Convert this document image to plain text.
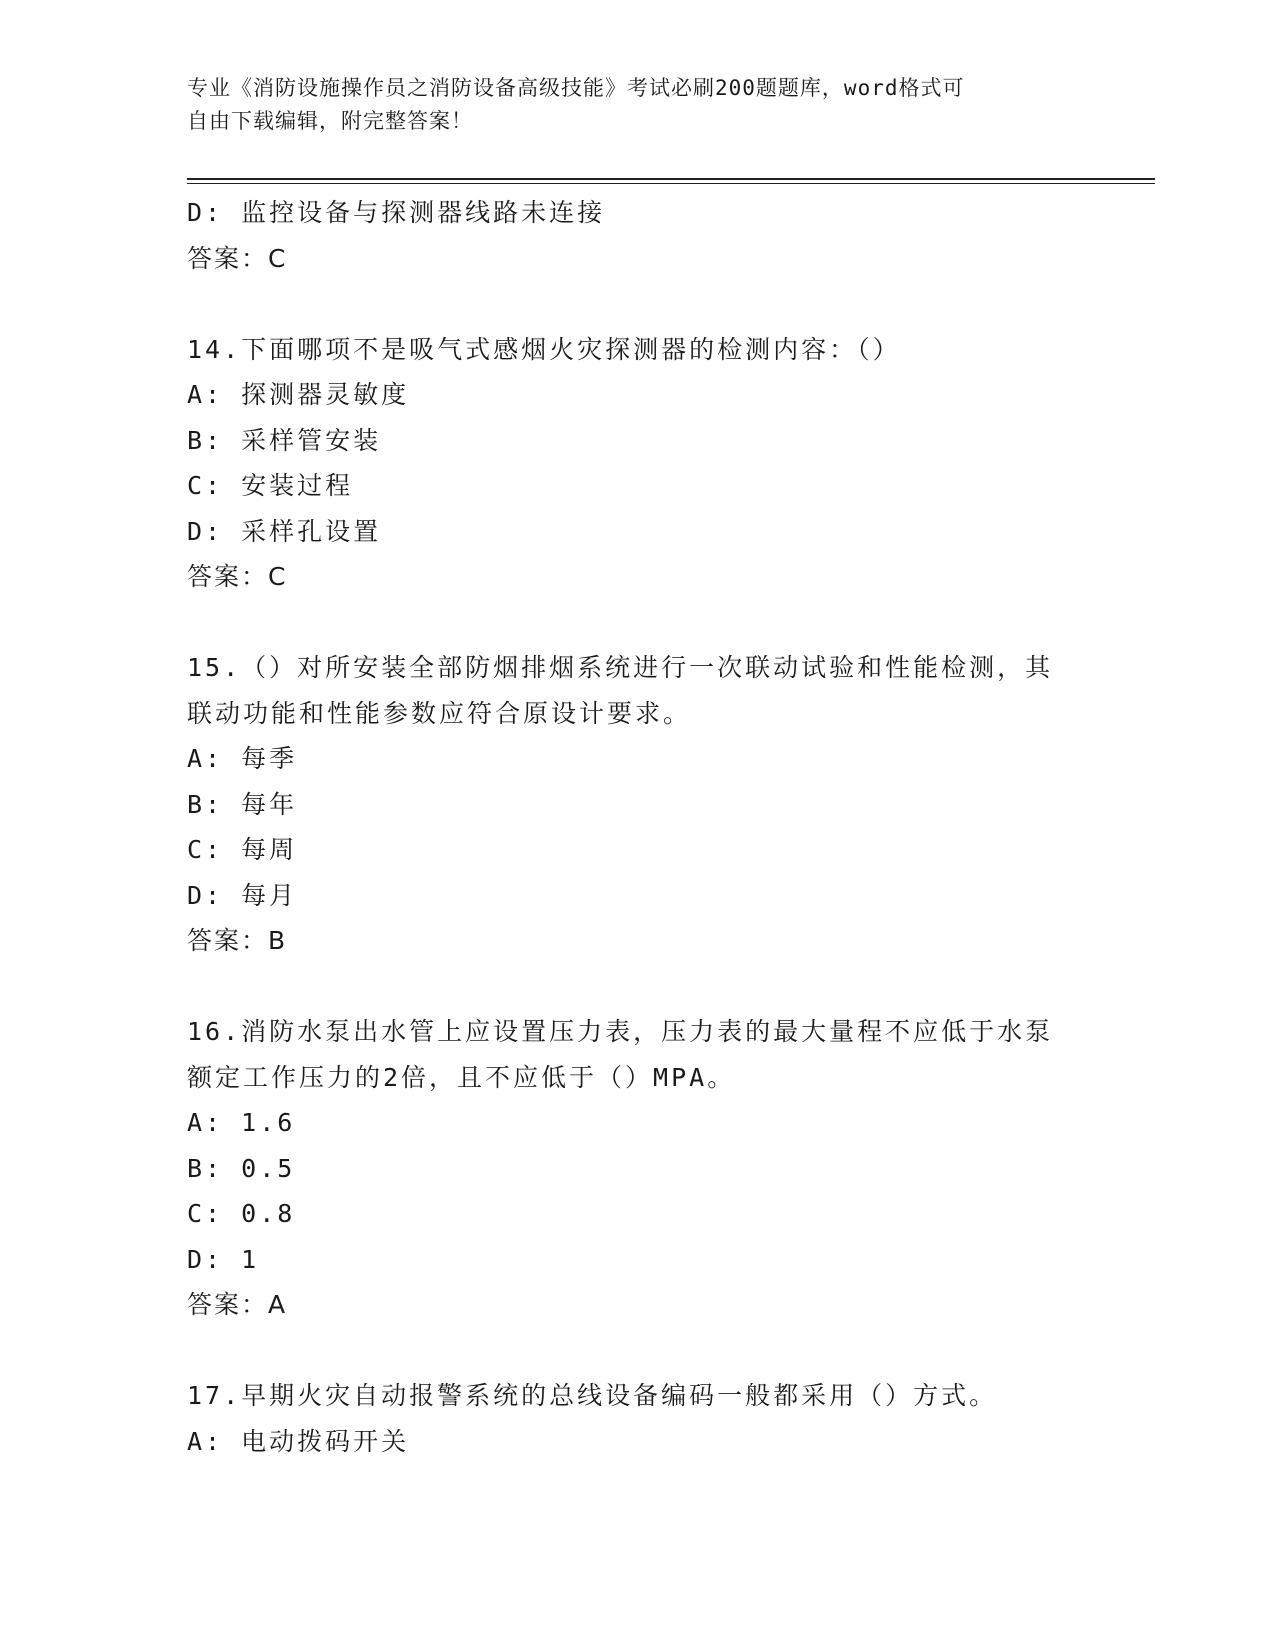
专业《消防设施操作员之消防设备高级技能》考试必刷200题题库，word格式可
自由下载编辑，附完整答案！
D: 监控设备与探测器线路未连接
答案：C
14.下面哪项不是吸气式感烟火灾探测器的检测内容：（）
A: 探测器灵敏度
B: 采样管安装
C: 安装过程
D: 采样孔设置
答案：C
15.（）对所安装全部防烟排烟系统进行一次联动试验和性能检测，其
联动功能和性能参数应符合原设计要求。
A: 每季
B: 每年
C: 每周
D: 每月
答案：B
16.消防水泵出水管上应设置压力表，压力表的最大量程不应低于水泵
额定工作压力的2倍，且不应低于（）MPA。
A: 1.6
B: 0.5
C: 0.8
D: 1
答案：A
17.早期火灾自动报警系统的总线设备编码一般都采用（）方式。
A: 电动拨码开关
